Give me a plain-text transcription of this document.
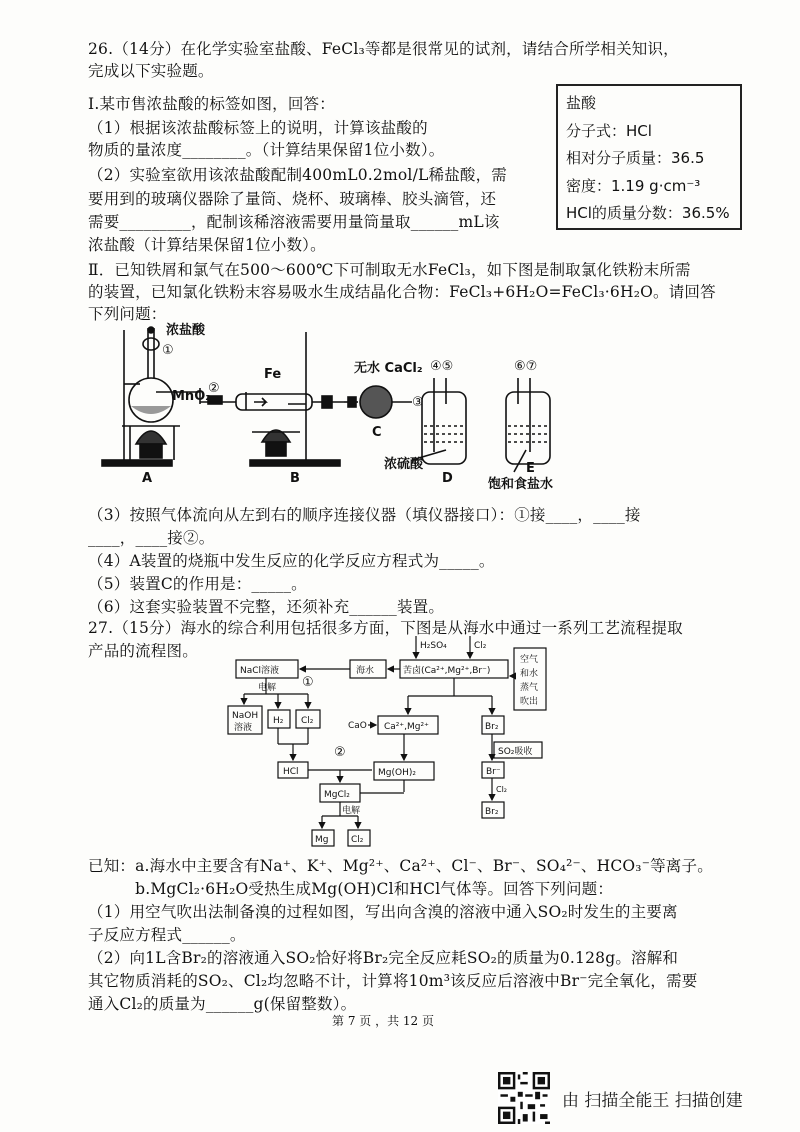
26.（14分）在化学实验室盐酸、FeCl₃等都是很常见的试剂，请结合所学相关知识，
完成以下实验题。
Ⅰ.某市售浓盐酸的标签如图，回答：
（1）根据该浓盐酸标签上的说明，计算该盐酸的
物质的量浓度________。（计算结果保留1位小数）。
（2）实验室欲用该浓盐酸配制400mL0.2mol/L稀盐酸，需
要用到的玻璃仪器除了量筒、烧杯、玻璃棒、胶头滴管，还
需要_________，配制该稀溶液需要用量筒量取______mL该
浓盐酸（计算结果保留1位小数）。
Ⅱ．已知铁屑和氯气在500～600℃下可制取无水FeCl₃，如下图是制取氯化铁粉末所需
的装置，已知氯化铁粉末容易吸水生成结晶化合物：FeCl₃+6H₂O=FeCl₃·6H₂O。请回答
下列问题：
盐酸
分子式：HCl
相对分子质量：36.5
密度：1.19 g·cm⁻³
HCl的质量分数：36.5%
浓盐酸
①
MnO₂
②
Fe
③
无水 CaCl₂ ④⑤	⑥⑦
浓硫酸
饱和食盐水
A	B
C
D
E
（3）按照气体流向从左到右的顺序连接仪器（填仪器接口）：①接____，____接
____，____接②。
（4）A装置的烧瓶中发生反应的化学反应方程式为_____。
（5）装置C的作用是：_____。
（6）这套实验装置不完整，还须补充______装置。
27.（15分）海水的综合利用包括很多方面，下图是从海水中通过一系列工艺流程提取
产品的流程图。
NaCl溶液	海水	苦卤(Ca²⁺,Mg²⁺,Br⁻)
H₂SO₄	Cl₂
空气
和水
蒸气
吹出
电解 ①
NaOH
溶液
H₂ Cl₂	CaO Ca²⁺,Mg²⁺	Br₂
SO₂吸收
②
HCl	Mg(OH)₂	Br⁻
Cl₂
MgCl₂
电解	Br₂
Mg	Cl₂
已知：a.海水中主要含有Na⁺、K⁺、Mg²⁺、Ca²⁺、Cl⁻、Br⁻、SO₄²⁻、HCO₃⁻等离子。
　　　b.MgCl₂·6H₂O受热生成Mg(OH)Cl和HCl气体等。回答下列问题：
（1）用空气吹出法制备溴的过程如图，写出向含溴的溶液中通入SO₂时发生的主要离
子反应方程式______。
（2）向1L含Br₂的溶液通入SO₂恰好将Br₂完全反应耗SO₂的质量为0.128g。溶解和
其它物质消耗的SO₂、Cl₂均忽略不计，计算将10m³该反应后溶液中Br⁻完全氧化，需要
通入Cl₂的质量为______g(保留整数）。
第 7 页 ，共 12 页
由 扫描全能王 扫描创建
